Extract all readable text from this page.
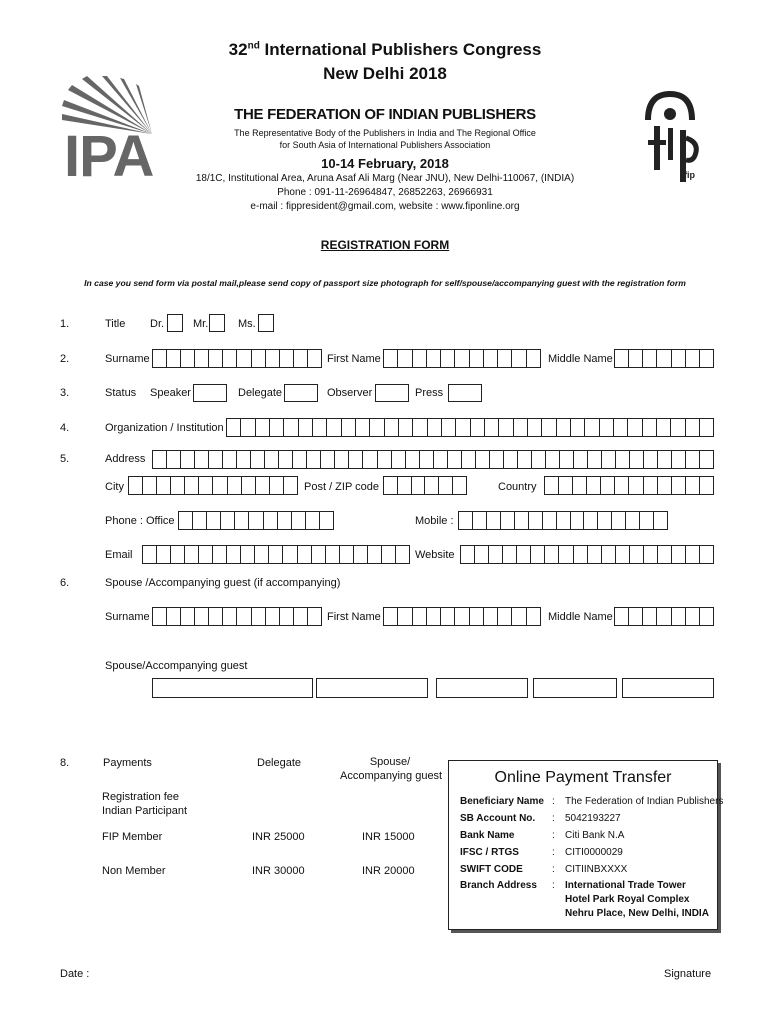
32nd International Publishers Congress
New Delhi 2018
IPA	fip
THE FEDERATION OF INDIAN PUBLISHERS
The Representative Body of the Publishers in India and The Regional Office
for South Asia of International Publishers Association
10-14 February, 2018
18/1C, Institutional Area, Aruna Asaf Ali Marg (Near JNU), New Delhi-110067, (INDIA)
Phone : 091-11-26964847, 26852263, 26966931
e-mail : fippresident@gmail.com, website : www.fiponline.org
REGISTRATION FORM
In case you send form via postal mail,please send copy of passport size photograph for self/spouse/accompanying guest with the registration form
1.	Title Dr.	Mr.	Ms.
2.	Surname	First Name	Middle Name
3.	Status Speaker	Delegate	Observer	Press
4.	Organization / Institution
5.	Address
City	Post / ZIP code	Country
Phone : Office	Mobile :
Email	Website
6.	Spouse /Accompanying guest (if accompanying)
Surname	First Name	Middle Name
Spouse/Accompanying guest
8.	Payments	Delegate	Spouse/
Accompanying guest
Registration fee
Indian Participant
FIP Member	INR 25000	INR 15000
Non Member	INR 30000	INR 20000
Online Payment Transfer
Beneficiary Name : The Federation of Indian Publishers
SB Account No. : 5042193227
Bank Name	: Citi Bank N.A
IFSC / RTGS	: CITI0000029
SWIFT CODE	: CITIINBXXXX
Branch Address : International Trade Tower
Hotel Park Royal Complex
Nehru Place, New Delhi, INDIA
Date :	Signature
